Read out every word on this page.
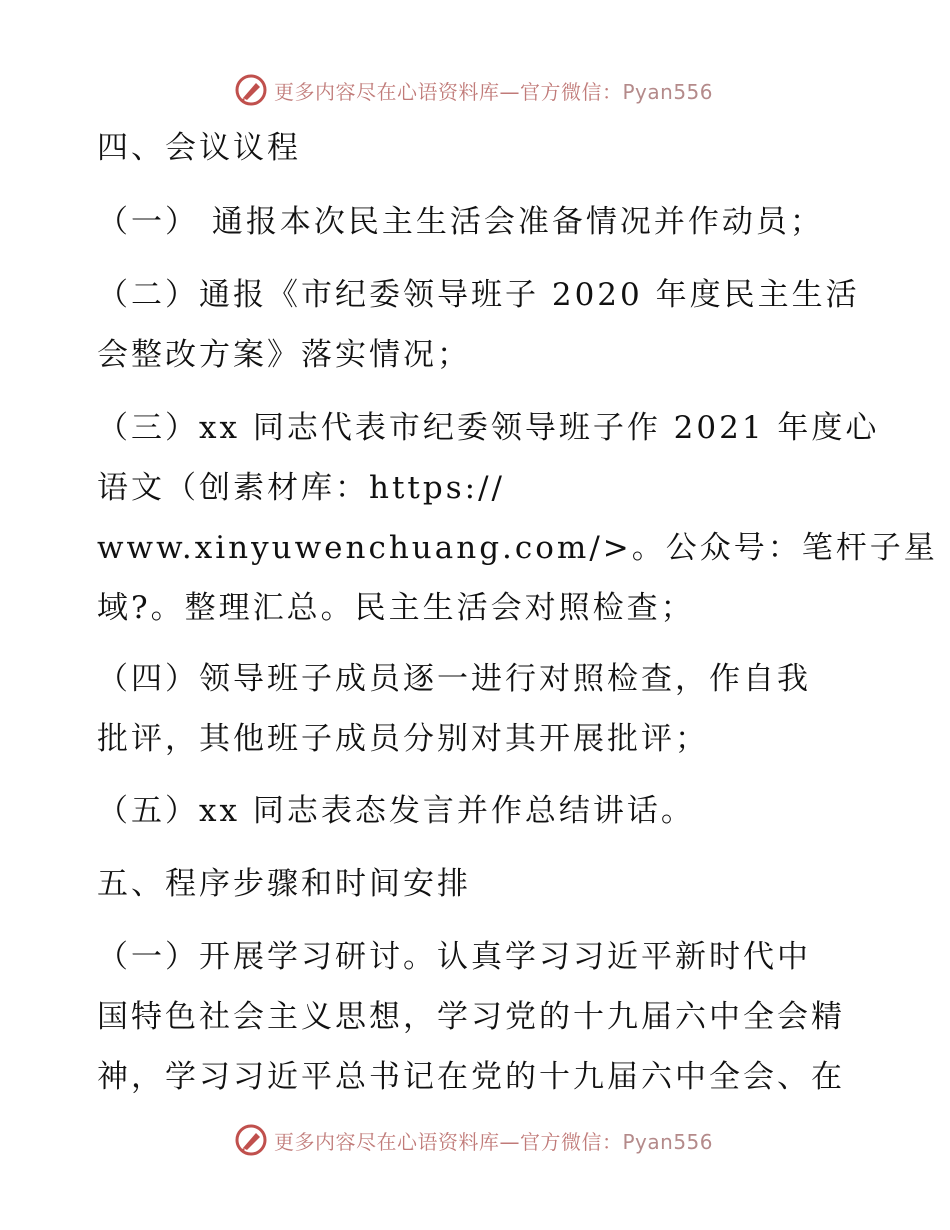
更多内容尽在心语资料库—官方微信：Pyan556
四、会议议程
（一） 通报本次民主生活会准备情况并作动员；
（二）通报《市纪委领导班子 2020 年度民主生活
会整改方案》落实情况；
（三）xx 同志代表市纪委领导班子作 2021 年度心
语文（创素材库：https://
www.xinyuwenchuang.com/>。公众号：笔杆子星
域?。整理汇总。民主生活会对照检查；
（四）领导班子成员逐一进行对照检查，作自我
批评，其他班子成员分别对其开展批评；
（五）xx 同志表态发言并作总结讲话。
五、程序步骤和时间安排
（一）开展学习研讨。认真学习习近平新时代中
国特色社会主义思想，学习党的十九届六中全会精
神，学习习近平总书记在党的十九届六中全会、在
更多内容尽在心语资料库—官方微信：Pyan556
